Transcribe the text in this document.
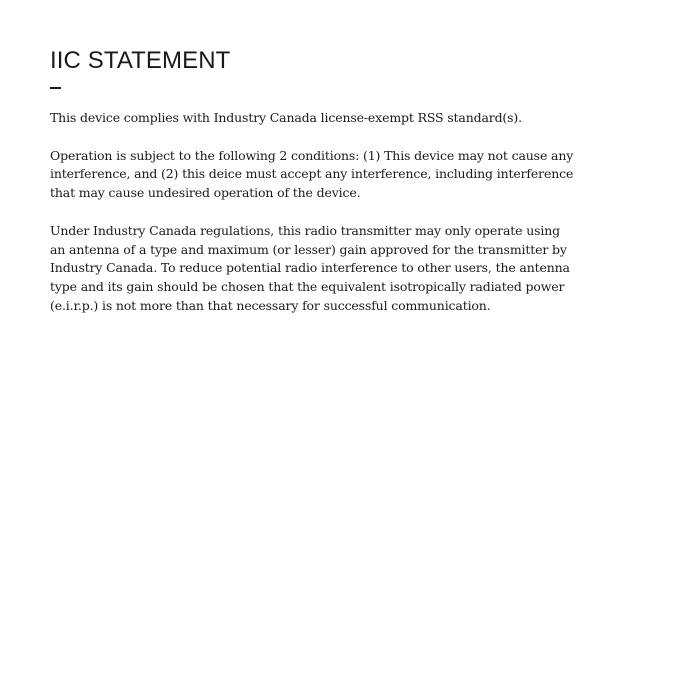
IIC STATEMENT

This device complies with Industry Canada license-exempt RSS standard(s).

Operation is subject to the following 2 conditions: (1) This device may not cause any
interference, and (2) this deice must accept any interference, including interference
that may cause undesired operation of the device.

Under Industry Canada regulations, this radio transmitter may only operate using
an antenna of a type and maximum (or lesser) gain approved for the transmitter by
Industry Canada. To reduce potential radio interference to other users, the antenna
type and its gain should be chosen that the equivalent isotropically radiated power
(e.i.r.p.) is not more than that necessary for successful communication.
